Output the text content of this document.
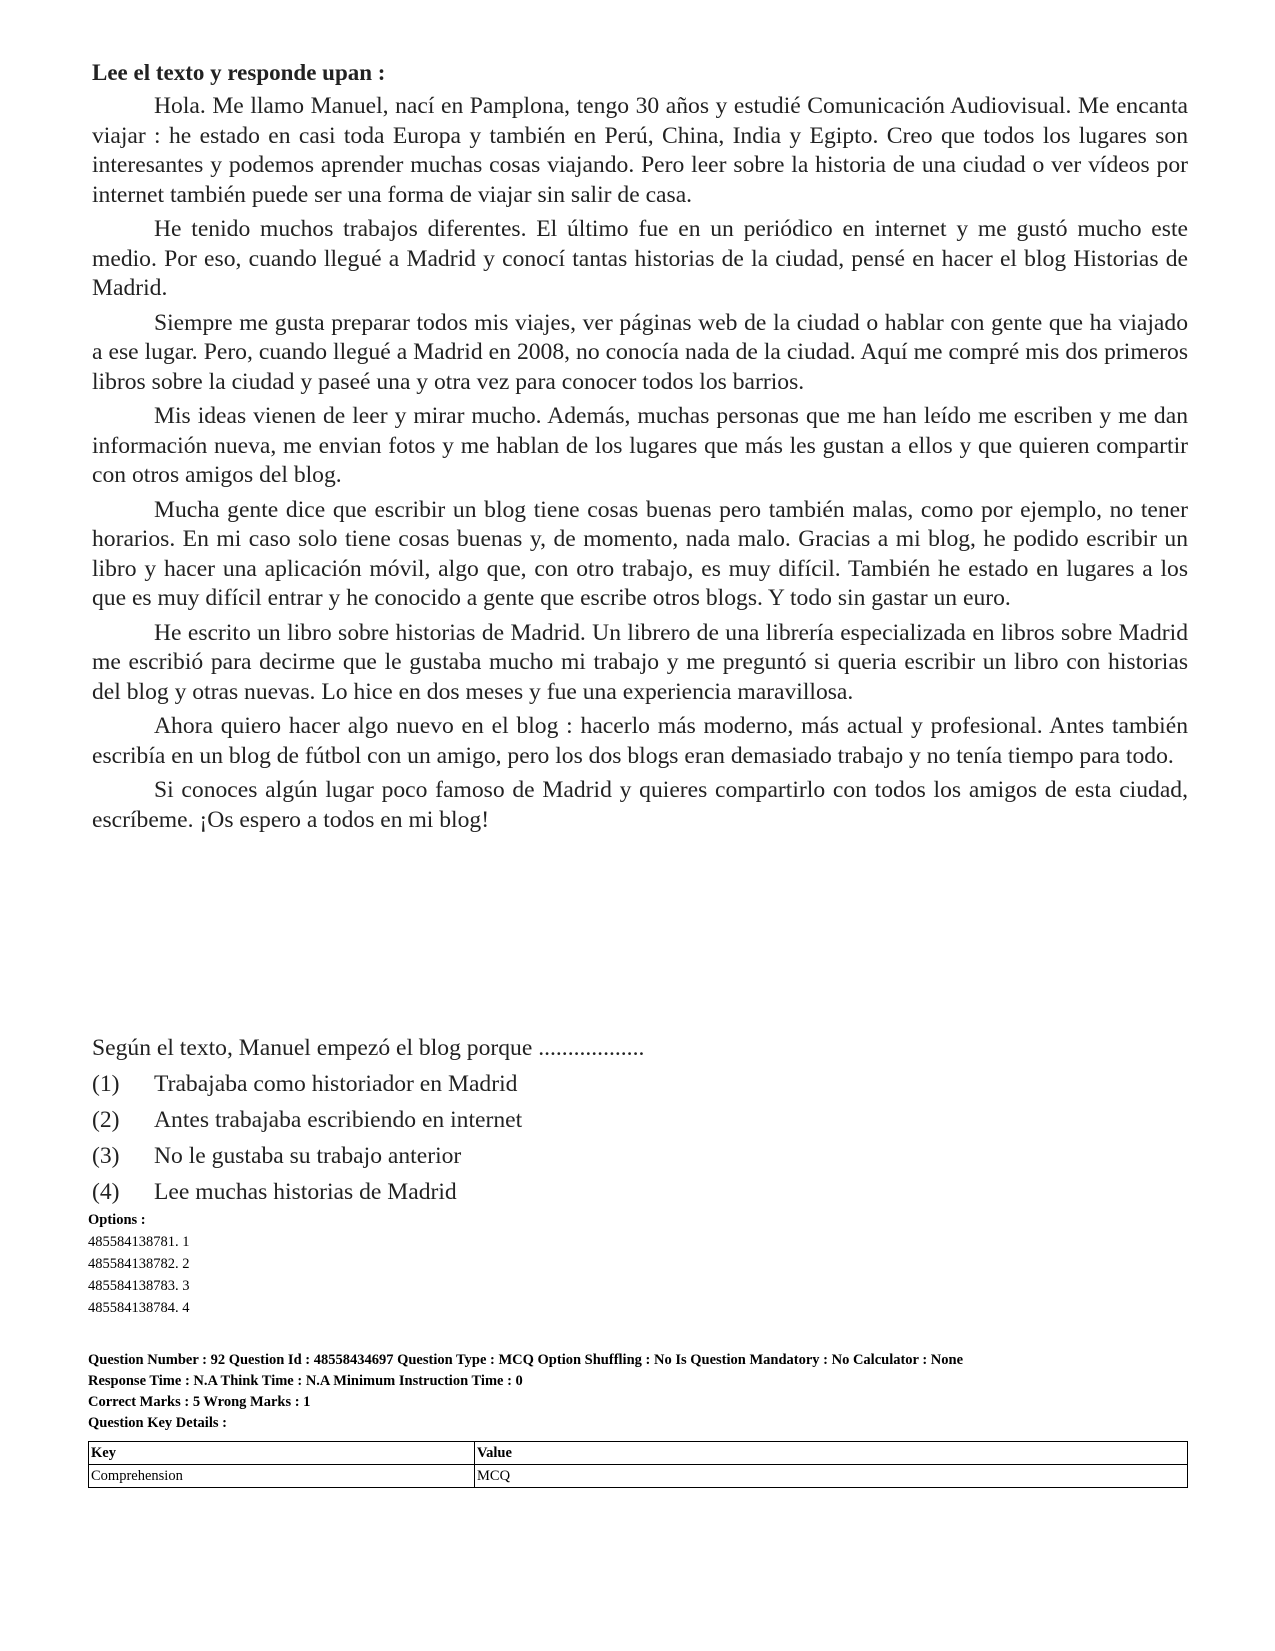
Lee el texto y responde upan :

Hola. Me llamo Manuel, nací en Pamplona, tengo 30 años y estudié Comunicación Audiovisual. Me encanta viajar : he estado en casi toda Europa y también en Perú, China, India y Egipto. Creo que todos los lugares son interesantes y podemos aprender muchas cosas viajando. Pero leer sobre la historia de una ciudad o ver vídeos por internet también puede ser una forma de viajar sin salir de casa.

He tenido muchos trabajos diferentes. El último fue en un periódico en internet y me gustó mucho este medio. Por eso, cuando llegué a Madrid y conocí tantas historias de la ciudad, pensé en hacer el blog Historias de Madrid.

Siempre me gusta preparar todos mis viajes, ver páginas web de la ciudad o hablar con gente que ha viajado a ese lugar. Pero, cuando llegué a Madrid en 2008, no conocía nada de la ciudad. Aquí me compré mis dos primeros libros sobre la ciudad y paseé una y otra vez para conocer todos los barrios.

Mis ideas vienen de leer y mirar mucho. Además, muchas personas que me han leído me escriben y me dan información nueva, me envian fotos y me hablan de los lugares que más les gustan a ellos y que quieren compartir con otros amigos del blog.

Mucha gente dice que escribir un blog tiene cosas buenas pero también malas, como por ejemplo, no tener horarios. En mi caso solo tiene cosas buenas y, de momento, nada malo. Gracias a mi blog, he podido escribir un libro y hacer una aplicación móvil, algo que, con otro trabajo, es muy difícil. También he estado en lugares a los que es muy difícil entrar y he conocido a gente que escribe otros blogs. Y todo sin gastar un euro.

He escrito un libro sobre historias de Madrid. Un librero de una librería especializada en libros sobre Madrid me escribió para decirme que le gustaba mucho mi trabajo y me preguntó si queria escribir un libro con historias del blog y otras nuevas. Lo hice en dos meses y fue una experiencia maravillosa.

Ahora quiero hacer algo nuevo en el blog : hacerlo más moderno, más actual y profesional. Antes también escribía en un blog de fútbol con un amigo, pero los dos blogs eran demasiado trabajo y no tenía tiempo para todo.

Si conoces algún lugar poco famoso de Madrid y quieres compartirlo con todos los amigos de esta ciudad, escríbeme. ¡Os espero a todos en mi blog!

Según el texto, Manuel empezó el blog porque ..................
(1)	Trabajaba como historiador en Madrid
(2)	Antes trabajaba escribiendo en internet
(3)	No le gustaba su trabajo anterior
(4)	Lee muchas historias de Madrid
Options :
485584138781. 1
485584138782. 2
485584138783. 3
485584138784. 4
Question Number : 92 Question Id : 48558434697 Question Type : MCQ Option Shuffling : No Is Question Mandatory : No Calculator : None
Response Time : N.A Think Time : N.A Minimum Instruction Time : 0
Correct Marks : 5 Wrong Marks : 1
Question Key Details :
Key	Value
Comprehension	MCQ
